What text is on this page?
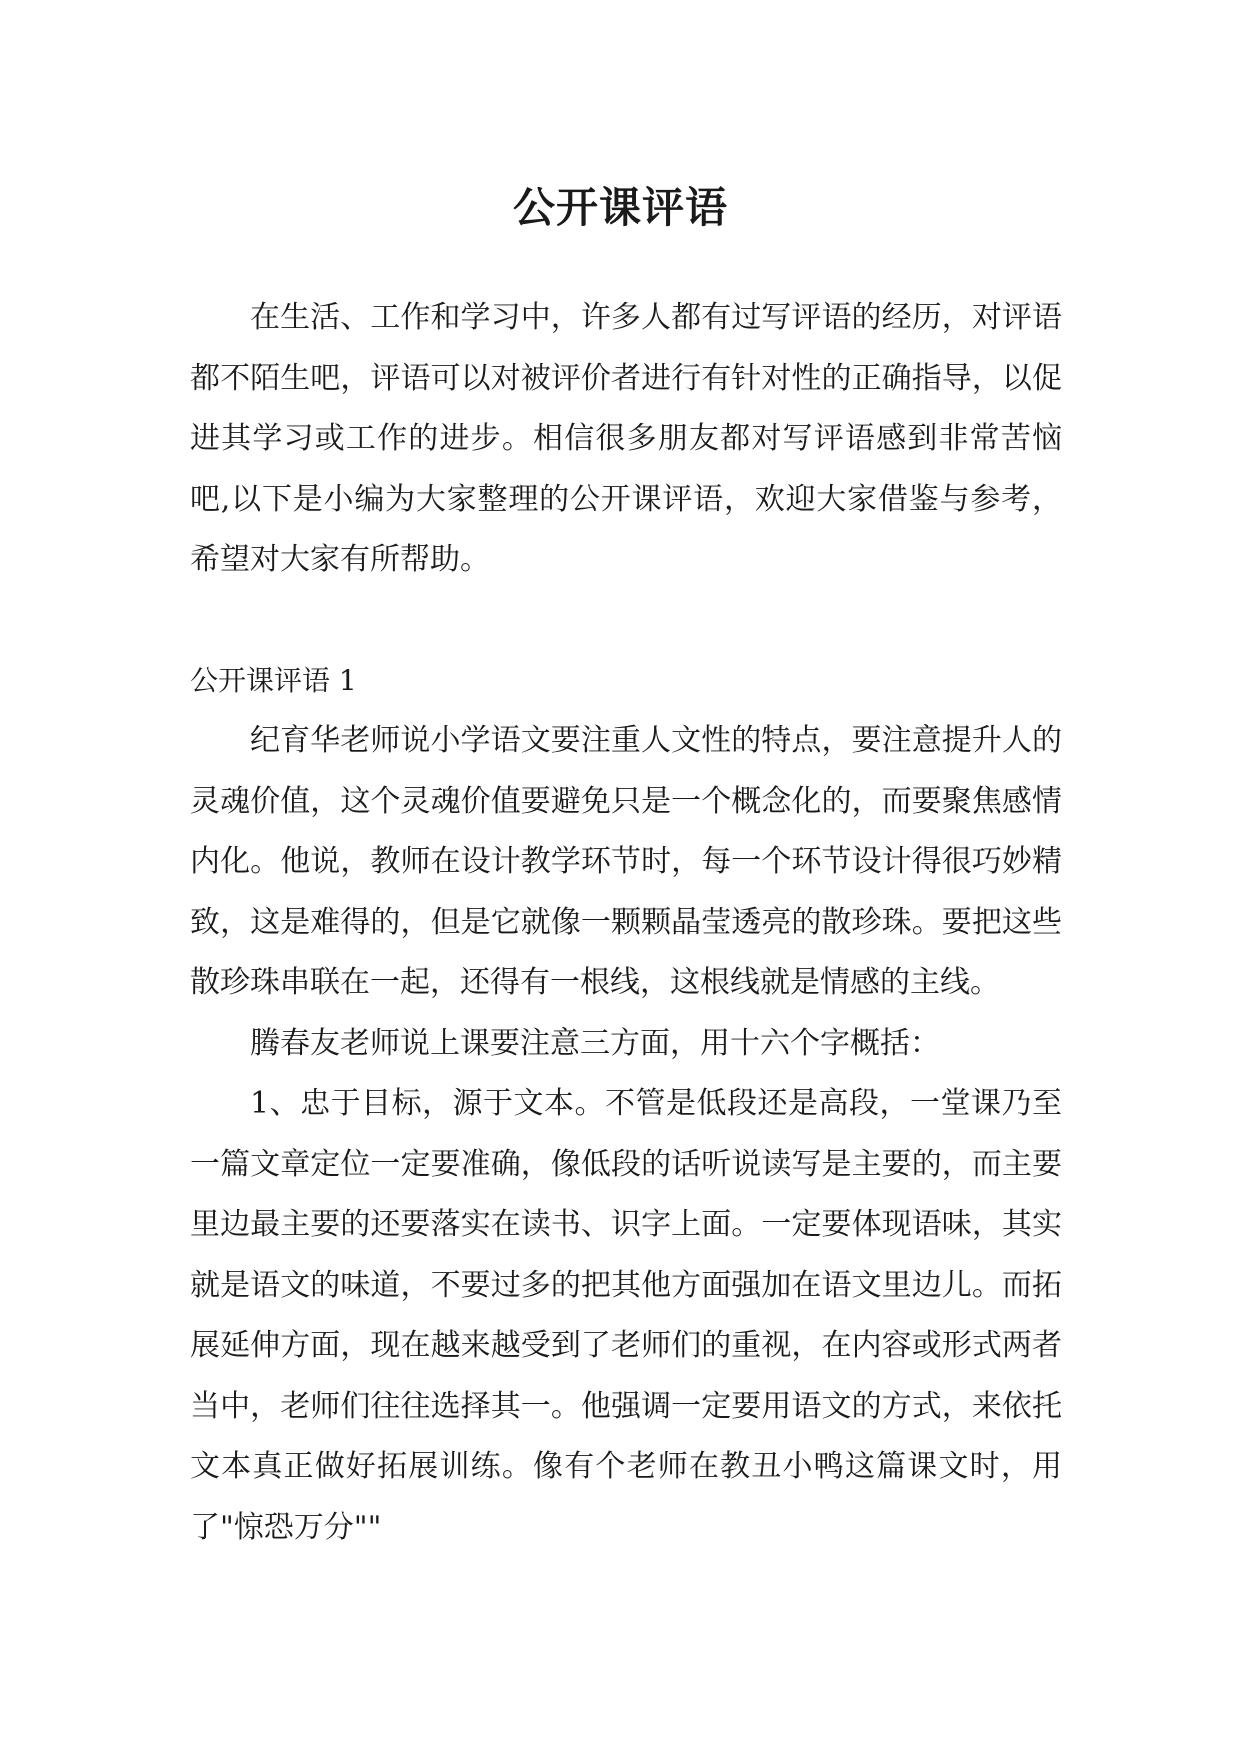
公开课评语

在生活、工作和学习中，许多人都有过写评语的经历，对评语都不陌生吧，评语可以对被评价者进行有针对性的正确指导，以促进其学习或工作的进步。相信很多朋友都对写评语感到非常苦恼吧,以下是小编为大家整理的公开课评语，欢迎大家借鉴与参考，希望对大家有所帮助。

公开课评语 1

纪育华老师说小学语文要注重人文性的特点，要注意提升人的灵魂价值，这个灵魂价值要避免只是一个概念化的，而要聚焦感情内化。他说，教师在设计教学环节时，每一个环节设计得很巧妙精致，这是难得的，但是它就像一颗颗晶莹透亮的散珍珠。要把这些散珍珠串联在一起，还得有一根线，这根线就是情感的主线。

腾春友老师说上课要注意三方面，用十六个字概括：

1、忠于目标，源于文本。不管是低段还是高段，一堂课乃至一篇文章定位一定要准确，像低段的话听说读写是主要的，而主要里边最主要的还要落实在读书、识字上面。一定要体现语味，其实就是语文的味道，不要过多的把其他方面强加在语文里边儿。而拓展延伸方面，现在越来越受到了老师们的重视，在内容或形式两者当中，老师们往往选择其一。他强调一定要用语文的方式，来依托文本真正做好拓展训练。像有个老师在教丑小鸭这篇课文时，用了"惊恐万分""
